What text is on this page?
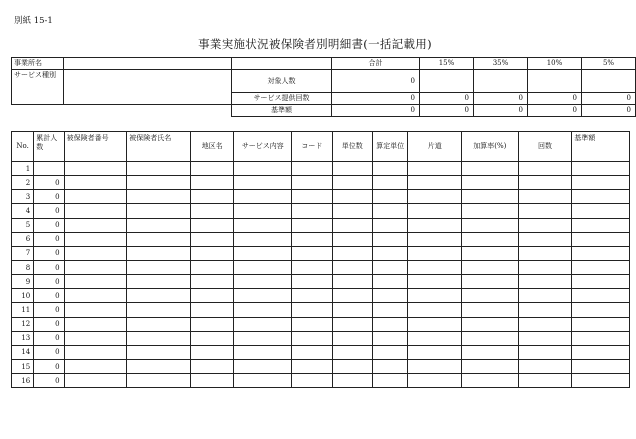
別紙 15-1
事業実施状況被保険者別明細書(一括記載用)
事業所名			合計	15%	35%	10%	5%
サービス種別		対象人数	0				
		サービス提供回数	0	0	0	0	0
		基準額	0	0	0	0	0
No.	累計人数	被保険者番号	被保険者氏名	地区名	サービス内容	コード	単位数	算定単位	片道	加算率(%)	回数	基準額
1												
2	0											
3	0											
4	0											
5	0											
6	0											
7	0											
8	0											
9	0											
10	0											
11	0											
12	0											
13	0											
14	0											
15	0											
16	0											
